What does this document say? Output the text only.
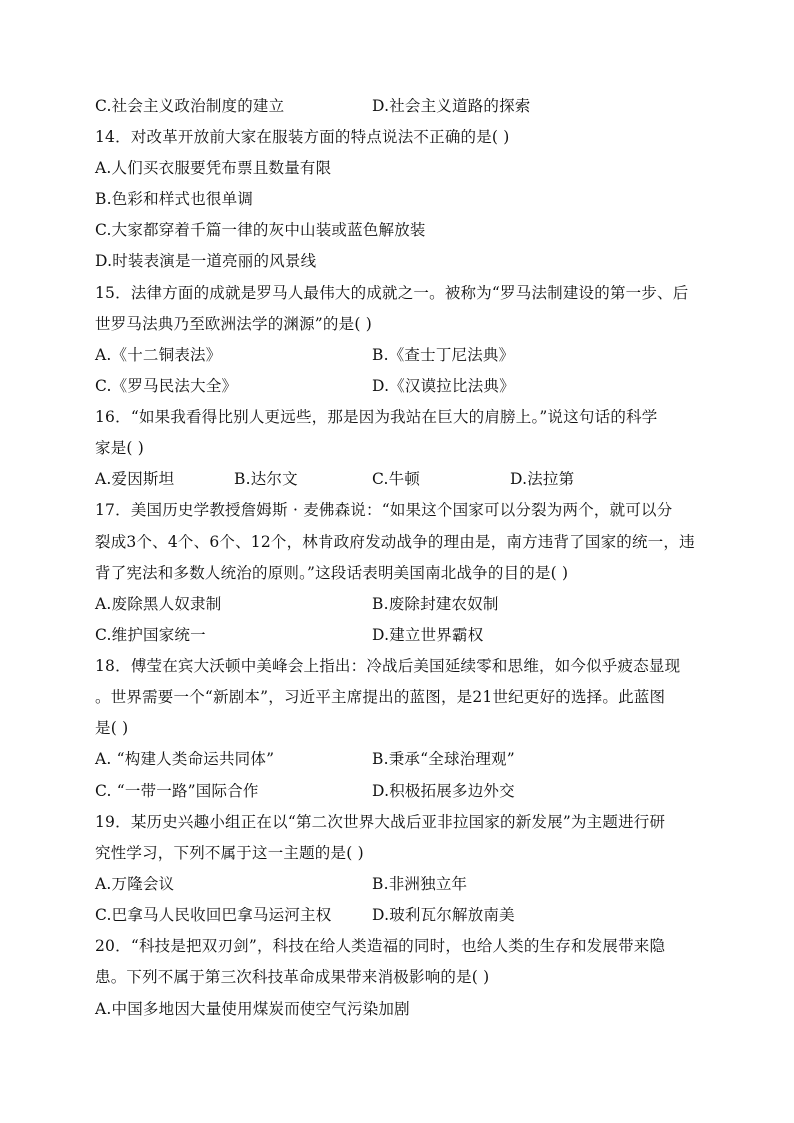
C.社会主义政治制度的建立	D.社会主义道路的探索
14．对改革开放前大家在服装方面的特点说法不正确的是( )
A.人们买衣服要凭布票且数量有限
B.色彩和样式也很单调
C.大家都穿着千篇一律的灰中山装或蓝色解放装
D.时装表演是一道亮丽的风景线
15．法律方面的成就是罗马人最伟大的成就之一。被称为“罗马法制建设的第一步、后
世罗马法典乃至欧洲法学的渊源”的是( )
A.《十二铜表法》	B.《查士丁尼法典》
C.《罗马民法大全》	D.《汉谟拉比法典》
16．“如果我看得比别人更远些，那是因为我站在巨大的肩膀上。”说这句话的科学
家是( )
A.爱因斯坦	B.达尔文	C.牛顿	D.法拉第
17．美国历史学教授詹姆斯 · 麦佛森说：“如果这个国家可以分裂为两个，就可以分
裂成3个、4个、6个、12个，林肯政府发动战争的理由是，南方违背了国家的统一，违
背了宪法和多数人统治的原则。”这段话表明美国南北战争的目的是( )
A.废除黑人奴隶制	B.废除封建农奴制
C.维护国家统一	D.建立世界霸权
18．傅莹在宾大沃顿中美峰会上指出：冷战后美国延续零和思维，如今似乎疲态显现
。世界需要一个“新剧本”，习近平主席提出的蓝图，是21世纪更好的选择。此蓝图
是( )
A. “构建人类命运共同体”	B.秉承“全球治理观”
C. “一带一路”国际合作	D.积极拓展多边外交
19．某历史兴趣小组正在以“第二次世界大战后亚非拉国家的新发展”为主题进行研
究性学习，下列不属于这一主题的是( )
A.万隆会议	B.非洲独立年
C.巴拿马人民收回巴拿马运河主权	D.玻利瓦尔解放南美
20．“科技是把双刃剑”，科技在给人类造福的同时，也给人类的生存和发展带来隐
患。下列不属于第三次科技革命成果带来消极影响的是( )
A.中国多地因大量使用煤炭而使空气污染加剧
